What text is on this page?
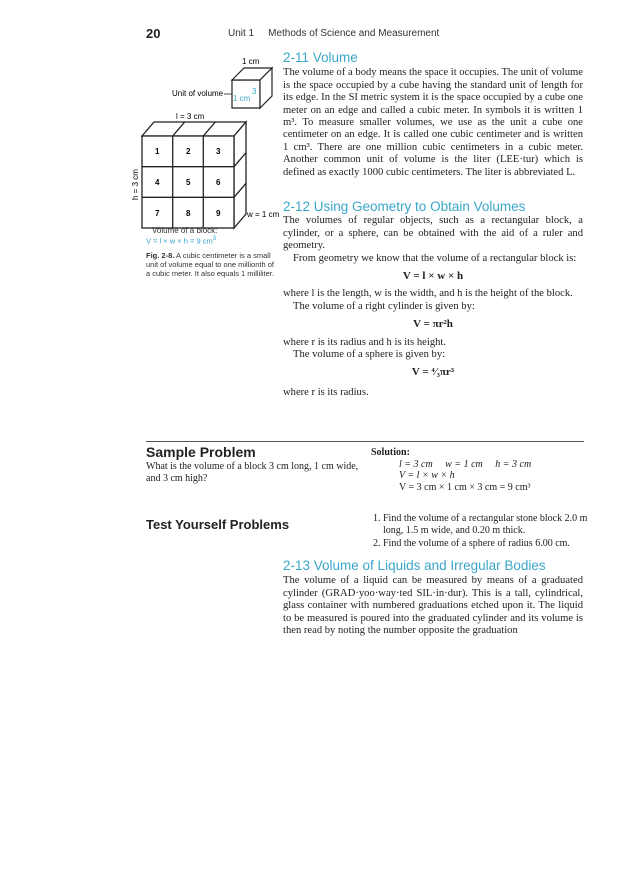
20	Unit 1 Methods of Science and Measurement
1 cm
1 cm
3
Unit of volume
l = 3 cm
1	2	3
4	5	6
7	8	9
h = 3 cm
w = 1 cm
Volume of a block:
V = l × w × h = 9 $cm^3$
Fig. 2-8. A cubic centimeter is a small unit of volume equal to one millionth of a cubic meter. It also equals 1 milliliter.
2-11 Volume

The volume of a body means the space it occupies. The unit of volume is the space occupied by a cube having the standard unit of length for its edge. In the SI metric system it is the space occupied by a cube one meter on an edge and called a cubic meter. In symbols it is written 1 m³. To measure smaller volumes, we use as the unit a cube one centimeter on an edge. It is called one cubic centimeter and is written 1 cm³. There are one million cubic centimeters in a cubic meter. Another common unit of volume is the liter (LEE·tur) which is defined as exactly 1000 cubic centimeters. The liter is abbreviated L.

2-12 Using Geometry to Obtain Volumes

The volumes of regular objects, such as a rectangular block, a cylinder, or a sphere, can be obtained with the aid of a ruler and geometry.

From geometry we know that the volume of a rectangular block is:

V = l × w × h

where l is the length, w is the width, and h is the height of the block.

The volume of a right cylinder is given by:

V = πr²h

where r is its radius and h is its height.

The volume of a sphere is given by:

V = ⁴⁄₃πr³

where r is its radius.

Sample Problem
What is the volume of a block 3 cm long, 1 cm wide, and 3 cm high?
Solution:
l = 3 cm     w = 1 cm     h = 3 cm
V = l × w × h
V = 3 cm × 1 cm × 3 cm = 9 cm³
Test Yourself Problems
1.	Find the volume of a rectangular stone block 2.0 m long, 1.5 m wide, and 0.20 m thick.
2. Find the volume of a sphere of radius 6.00 cm.
2-13 Volume of Liquids and Irregular Bodies

The volume of a liquid can be measured by means of a graduated cylinder (GRAD·yoo·way·ted SIL·in·dur). This is a tall, cylindrical, glass container with numbered graduations etched upon it. The liquid to be measured is poured into the graduated cylinder and its volume is then read by noting the number opposite the graduation
